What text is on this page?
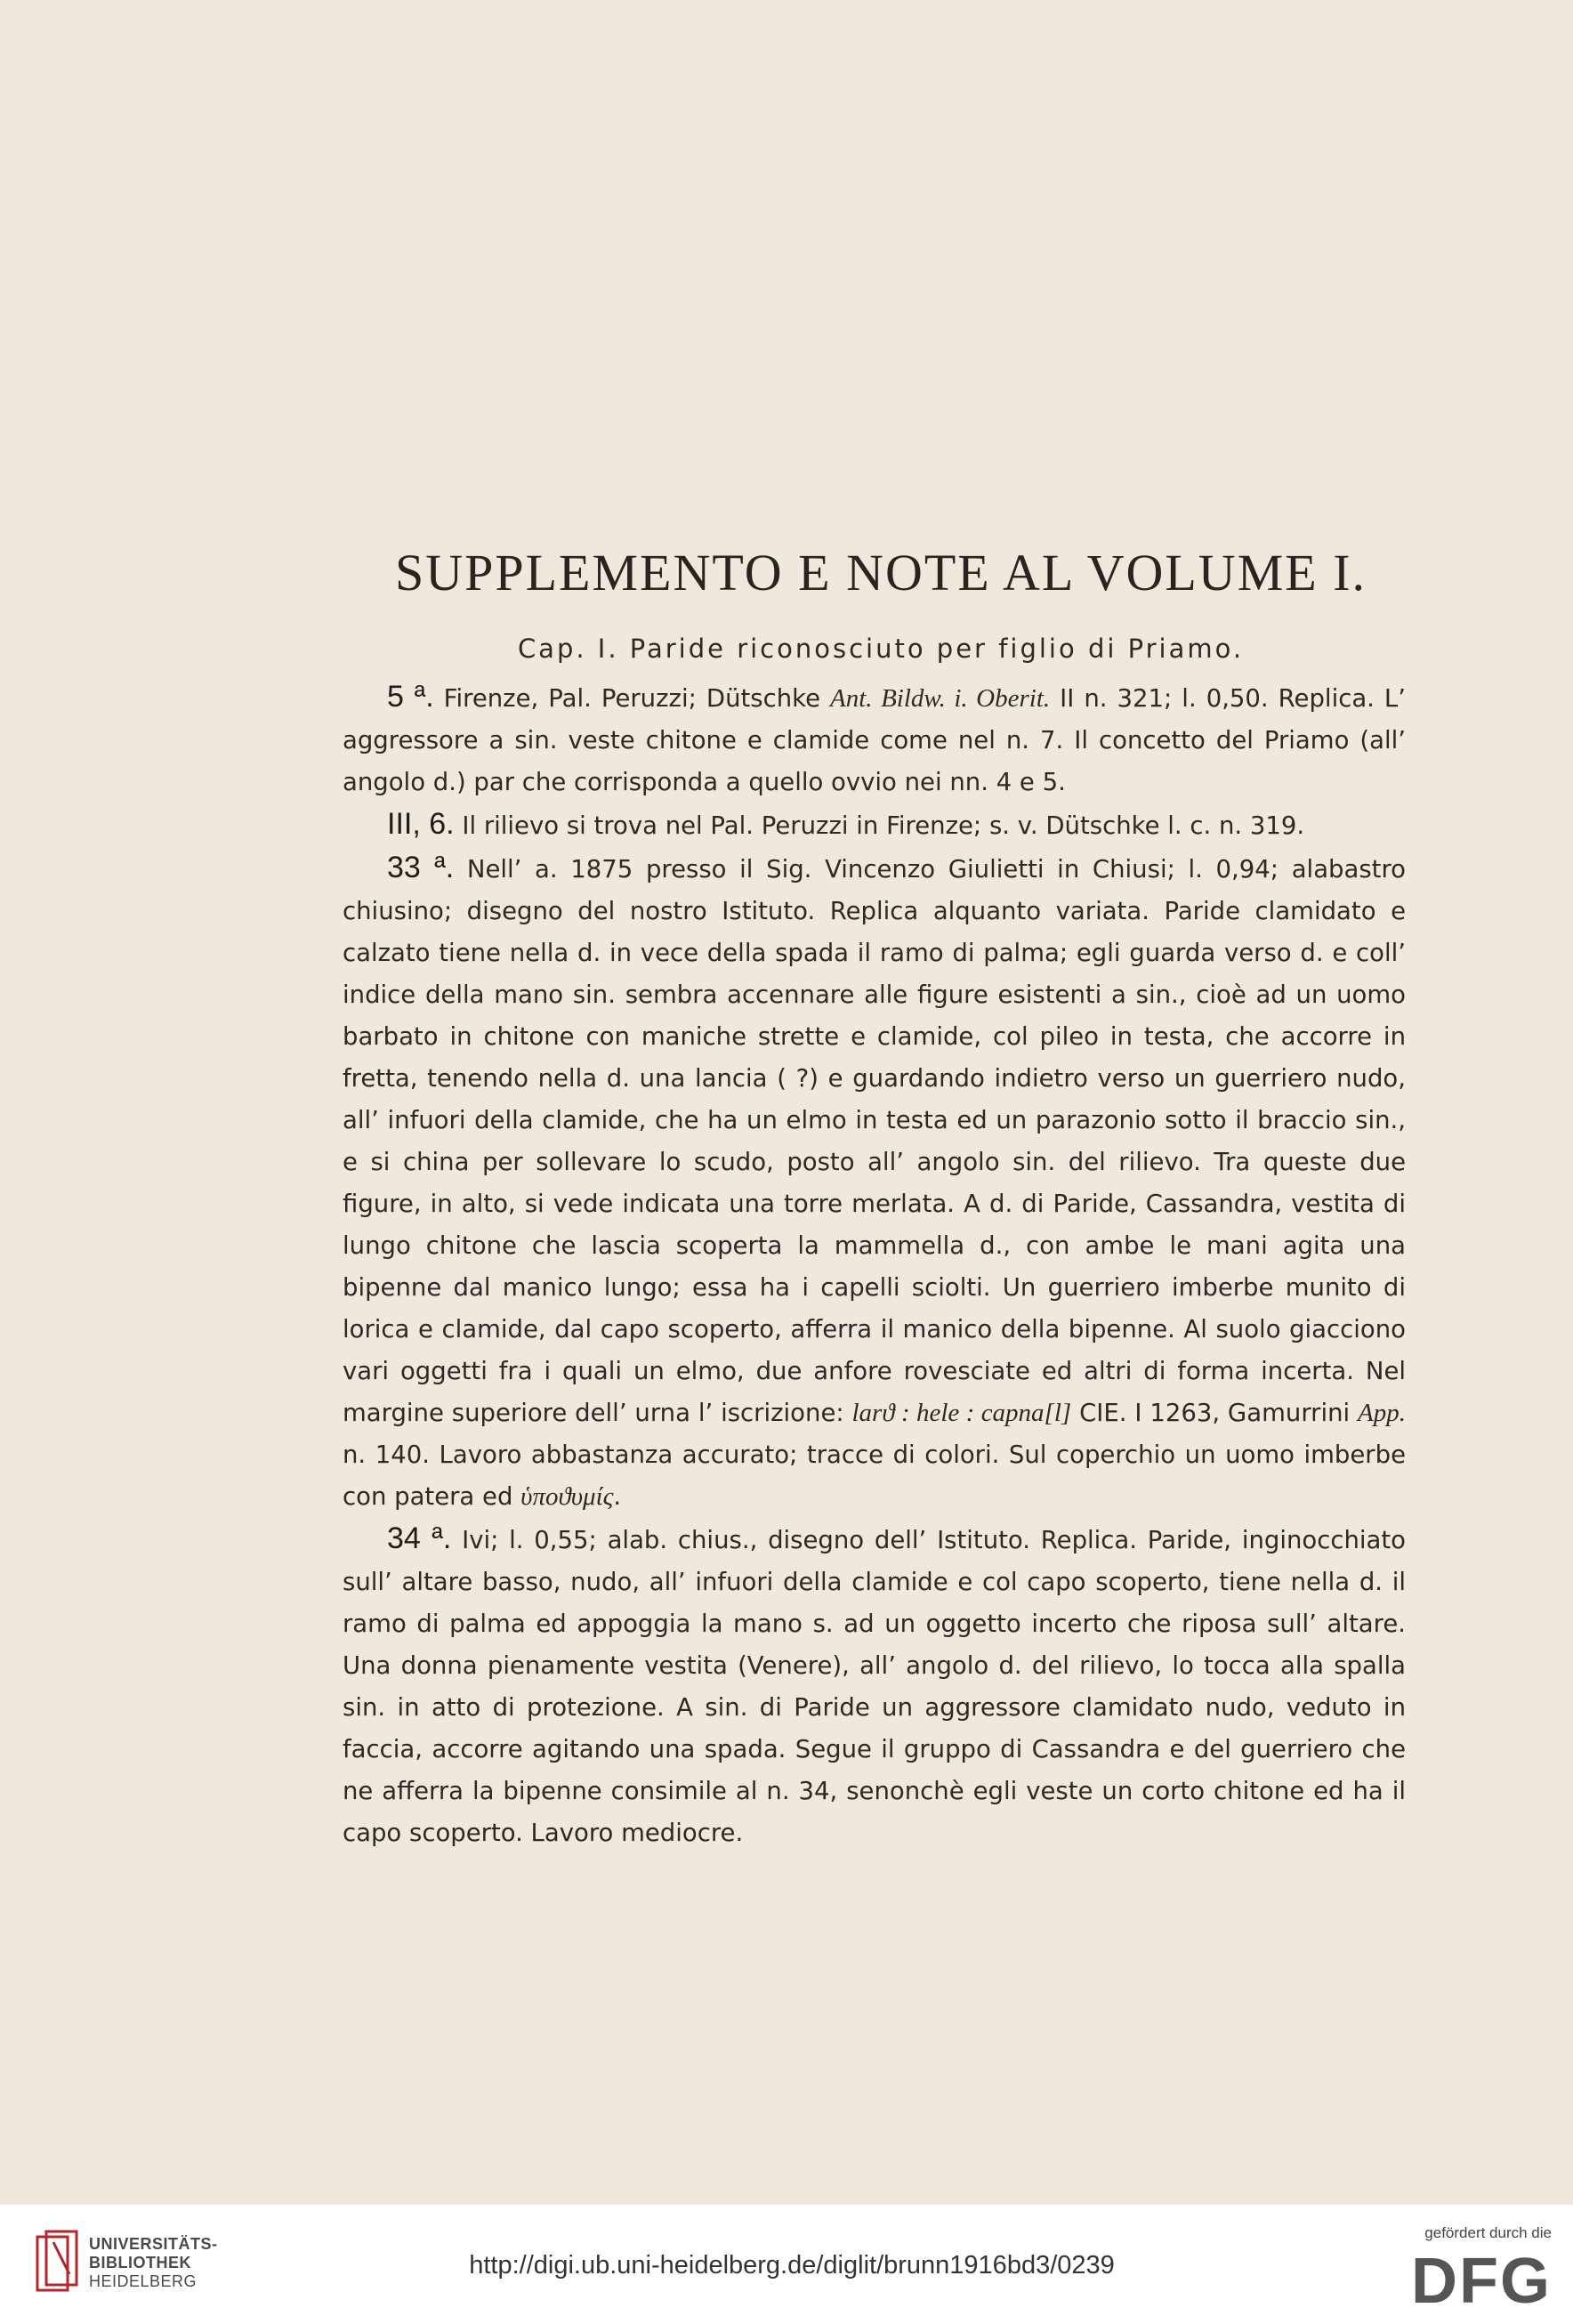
SUPPLEMENTO E NOTE AL VOLUME I.
Cap. I. Paride riconosciuto per figlio di Priamo.

5 ª. Firenze, Pal. Peruzzi; Dütschke Ant. Bildw. i. Oberit. II n. 321; l. 0,50. Replica. L’ aggressore a sin. veste chitone e clamide come nel n. 7. Il concetto del Priamo (all’ angolo d.) par che corrisponda a quello ovvio nei nn. 4 e 5.

III, 6. Il rilievo si trova nel Pal. Peruzzi in Firenze; s. v. Dütschke l. c. n. 319.

33 ª. Nell’ a. 1875 presso il Sig. Vincenzo Giulietti in Chiusi; l. 0,94; alabastro chiusino; disegno del nostro Istituto. Replica alquanto variata. Paride clamidato e calzato tiene nella d. in vece della spada il ramo di palma; egli guarda verso d. e coll’ indice della mano sin. sembra accennare alle figure esistenti a sin., cioè ad un uomo barbato in chitone con maniche strette e clamide, col pileo in testa, che accorre in fretta, tenendo nella d. una lancia ( ?) e guardando indietro verso un guerriero nudo, all’ infuori della clamide, che ha un elmo in testa ed un parazonio sotto il braccio sin., e si china per sollevare lo scudo, posto all’ angolo sin. del rilievo. Tra queste due figure, in alto, si vede indicata una torre merlata. A d. di Paride, Cassandra, vestita di lungo chitone che lascia scoperta la mammella d., con ambe le mani agita una bipenne dal manico lungo; essa ha i capelli sciolti. Un guerriero imberbe munito di lorica e clamide, dal capo scoperto, afferra il manico della bipenne. Al suolo giacciono vari oggetti fra i quali un elmo, due anfore rovesciate ed altri di forma incerta. Nel margine superiore dell’ urna l’ iscrizione: larϑ : hele : capna[l] CIE. I 1263, Gamurrini App. n. 140. Lavoro abbastanza accurato; tracce di colori. Sul coperchio un uomo imberbe con patera ed ὑποϑυμίς.

34 ª. Ivi; l. 0,55; alab. chius., disegno dell’ Istituto. Replica. Paride, inginocchiato sull’ altare basso, nudo, all’ infuori della clamide e col capo scoperto, tiene nella d. il ramo di palma ed appoggia la mano s. ad un oggetto incerto che riposa sull’ altare. Una donna pienamente vestita (Venere), all’ angolo d. del rilievo, lo tocca alla spalla sin. in atto di protezione. A sin. di Paride un aggressore clamidato nudo, veduto in faccia, accorre agitando una spada. Segue il gruppo di Cassandra e del guerriero che ne afferra la bipenne consimile al n. 34, senonchè egli veste un corto chitone ed ha il capo scoperto. Lavoro mediocre.

UNIVERSITÄTS-
BIBLIOTHEK
HEIDELBERG
http://digi.ub.uni-heidelberg.de/diglit/brunn1916bd3/0239
gefördert durch die
DFG
